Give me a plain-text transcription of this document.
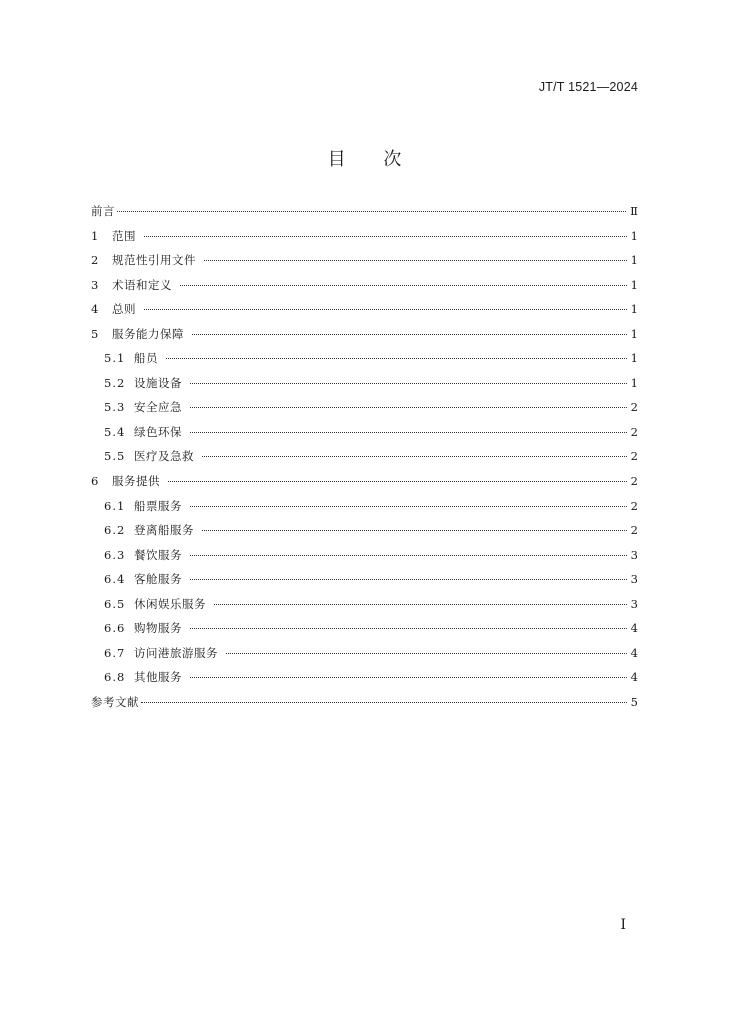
JT/T 1521—2024
目 次
前言	Ⅱ
1	范围	1
2	规范性引用文件	1
3	术语和定义	1
4	总则	1
5	服务能力保障	1
5.1 船员	1
5.2 设施设备	1
5.3 安全应急	2
5.4 绿色环保	2
5.5 医疗及急救	2
6	服务提供	2
6.1 船票服务	2
6.2 登离船服务	2
6.3 餐饮服务	3
6.4 客舱服务	3
6.5 休闲娱乐服务	3
6.6 购物服务	4
6.7 访问港旅游服务	4
6.8 其他服务	4
参考文献	5
Ⅰ
